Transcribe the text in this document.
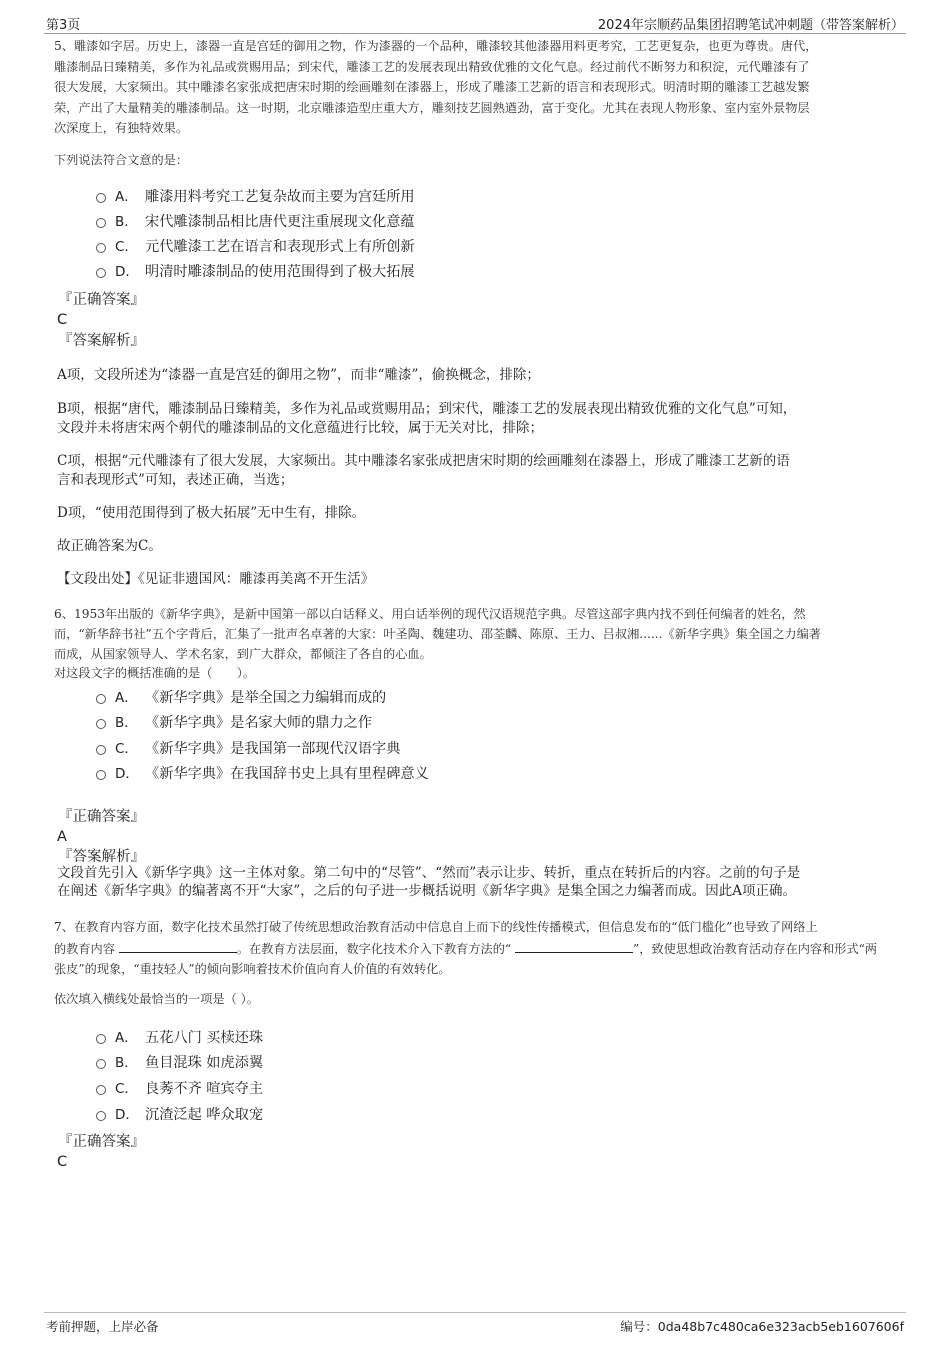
第3页	2024年宗顺药品集团招聘笔试冲刺题（带答案解析）
5、雕漆如字居。历史上，漆器一直是宫廷的御用之物，作为漆器的一个品种，雕漆较其他漆器用料更考究，工艺更复杂，也更为尊贵。唐代，
雕漆制品日臻精美，多作为礼品或赏赐用品；到宋代，雕漆工艺的发展表现出精致优雅的文化气息。经过前代不断努力和积淀，元代雕漆有了
很大发展，大家频出。其中雕漆名家张成把唐宋时期的绘画雕刻在漆器上，形成了雕漆工艺新的语言和表现形式。明清时期的雕漆工艺越发繁
荣，产出了大量精美的雕漆制品。这一时期，北京雕漆造型庄重大方，雕刻技艺圆熟遒劲，富于变化。尤其在表现人物形象、室内室外景物层
次深度上，有独特效果。
下列说法符合文意的是：
A． 雕漆用料考究工艺复杂故而主要为宫廷所用
B． 宋代雕漆制品相比唐代更注重展现文化意蕴
C． 元代雕漆工艺在语言和表现形式上有所创新
D． 明清时雕漆制品的使用范围得到了极大拓展
『正确答案』
C
『答案解析』
A项，文段所述为“漆器一直是宫廷的御用之物”，而非“雕漆”，偷换概念，排除；
B项，根据“唐代，雕漆制品日臻精美，多作为礼品或赏赐用品；到宋代，雕漆工艺的发展表现出精致优雅的文化气息”可知，
文段并未将唐宋两个朝代的雕漆制品的文化意蕴进行比较，属于无关对比，排除；
C项，根据“元代雕漆有了很大发展，大家频出。其中雕漆名家张成把唐宋时期的绘画雕刻在漆器上，形成了雕漆工艺新的语
言和表现形式”可知，表述正确，当选；
D项，“使用范围得到了极大拓展”无中生有，排除。
故正确答案为C。
【文段出处】《见证非遗国风：雕漆再美离不开生活》
6、1953年出版的《新华字典》，是新中国第一部以白话释义、用白话举例的现代汉语规范字典。尽管这部字典内找不到任何编者的姓名，然
而，“新华辞书社”五个字背后，汇集了一批声名卓著的大家：叶圣陶、魏建功、邵荃麟、陈原、王力、吕叔湘......《新华字典》集全国之力编著
而成，从国家领导人、学术名家，到广大群众，都倾注了各自的心血。
对这段文字的概括准确的是（　　）。
A． 《新华字典》是举全国之力编辑而成的
B． 《新华字典》是名家大师的鼎力之作
C． 《新华字典》是我国第一部现代汉语字典
D． 《新华字典》在我国辞书史上具有里程碑意义
『正确答案』
A
『答案解析』
文段首先引入《新华字典》这一主体对象。第二句中的“尽管”、“然而”表示让步、转折，重点在转折后的内容。之前的句子是
在阐述《新华字典》的编著离不开“大家”，之后的句子进一步概括说明《新华字典》是集全国之力编著而成。因此A项正确。
7、在教育内容方面，数字化技术虽然打破了传统思想政治教育活动中信息自上而下的线性传播模式，但信息发布的“低门槛化”也导致了网络上
的教育内容	。在教育方法层面，数字化技术介入下教育方法的“	”，致使思想政治教育活动存在内容和形式“两
张皮”的现象，“重技轻人”的倾向影响着技术价值向育人价值的有效转化。
依次填入横线处最恰当的一项是（ ）。
A． 五花八门 买椟还珠
B． 鱼目混珠 如虎添翼
C． 良莠不齐 喧宾夺主
D． 沉渣泛起 哗众取宠
『正确答案』
C
考前押题，上岸必备	编号：0da48b7c480ca6e323acb5eb1607606f
